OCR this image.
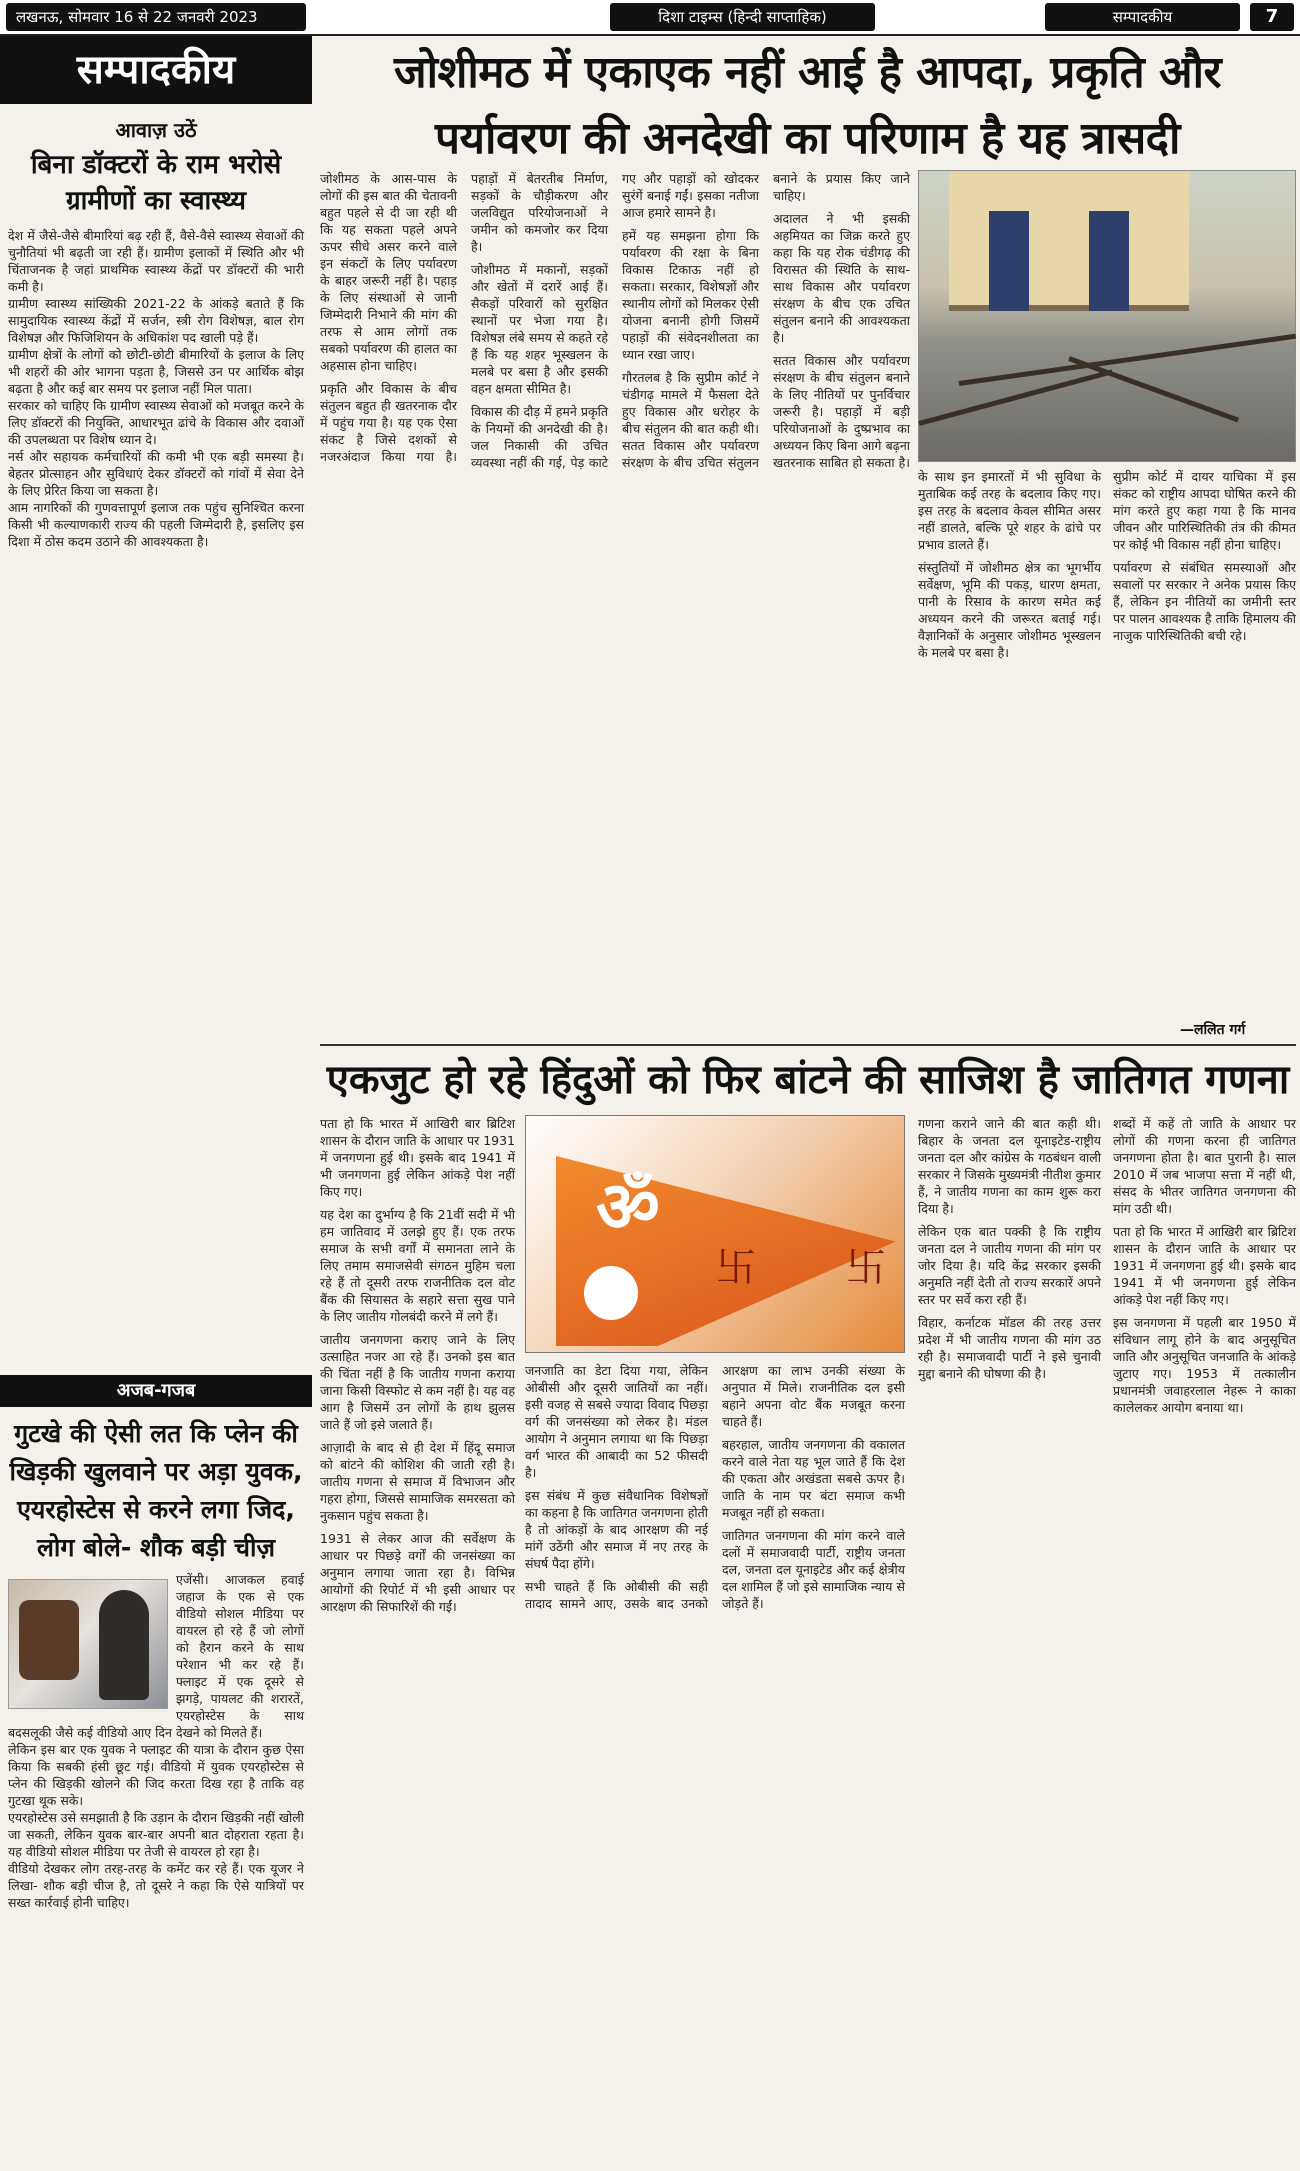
लखनऊ, सोमवार 16 से 22 जनवरी 2023	दिशा टाइम्स (हिन्दी साप्ताहिक)	सम्पादकीय	7
सम्पादकीय	जोशीमठ में एकाएक नहीं आई है आपदा, प्रकृति और पर्यावरण की अनदेखी का परिणाम है यह त्रासदी
आवाज़ उठें
बिना डॉक्टरों के राम भरोसे ग्रामीणों का स्वास्थ्य

देश में जैसे-जैसे बीमारियां बढ़ रही हैं, वैसे-वैसे स्वास्थ्य सेवाओं की चुनौतियां भी बढ़ती जा रही हैं। ग्रामीण इलाकों में स्थिति और भी चिंताजनक है जहां प्राथमिक स्वास्थ्य केंद्रों पर डॉक्टरों की भारी कमी है।

ग्रामीण स्वास्थ्य सांख्यिकी 2021-22 के आंकड़े बताते हैं कि सामुदायिक स्वास्थ्य केंद्रों में सर्जन, स्त्री रोग विशेषज्ञ, बाल रोग विशेषज्ञ और फिजिशियन के अधिकांश पद खाली पड़े हैं।

ग्रामीण क्षेत्रों के लोगों को छोटी-छोटी बीमारियों के इलाज के लिए भी शहरों की ओर भागना पड़ता है, जिससे उन पर आर्थिक बोझ बढ़ता है और कई बार समय पर इलाज नहीं मिल पाता।

सरकार को चाहिए कि ग्रामीण स्वास्थ्य सेवाओं को मजबूत करने के लिए डॉक्टरों की नियुक्ति, आधारभूत ढांचे के विकास और दवाओं की उपलब्धता पर विशेष ध्यान दे।

नर्स और सहायक कर्मचारियों की कमी भी एक बड़ी समस्या है। बेहतर प्रोत्साहन और सुविधाएं देकर डॉक्टरों को गांवों में सेवा देने के लिए प्रेरित किया जा सकता है।

आम नागरिकों की गुणवत्तापूर्ण इलाज तक पहुंच सुनिश्चित करना किसी भी कल्याणकारी राज्य की पहली जिम्मेदारी है, इसलिए इस दिशा में ठोस कदम उठाने की आवश्यकता है।

अजब-गजब
गुटखे की ऐसी लत कि प्लेन की खिड़की खुलवाने पर अड़ा युवक, एयरहोस्टेस से करने लगा जिद, लोग बोले- शौक बड़ी चीज़

एजेंसी। आजकल हवाई जहाज के एक से एक वीडियो सोशल मीडिया पर वायरल हो रहे हैं जो लोगों को हैरान करने के साथ परेशान भी कर रहे हैं। फ्लाइट में एक दूसरे से झगड़े, पायलट की शरारतें, एयरहोस्टेस के साथ बदसलूकी जैसे कई वीडियो आए दिन देखने को मिलते हैं।

लेकिन इस बार एक युवक ने फ्लाइट की यात्रा के दौरान कुछ ऐसा किया कि सबकी हंसी छूट गई। वीडियो में युवक एयरहोस्टेस से प्लेन की खिड़की खोलने की जिद करता दिख रहा है ताकि वह गुटखा थूक सके।

एयरहोस्टेस उसे समझाती है कि उड़ान के दौरान खिड़की नहीं खोली जा सकती, लेकिन युवक बार-बार अपनी बात दोहराता रहता है। यह वीडियो सोशल मीडिया पर तेजी से वायरल हो रहा है।

वीडियो देखकर लोग तरह-तरह के कमेंट कर रहे हैं। एक यूजर ने लिखा- शौक बड़ी चीज है, तो दूसरे ने कहा कि ऐसे यात्रियों पर सख्त कार्रवाई होनी चाहिए।

जोशीमठ के आस-पास के लोगों की इस बात की चेतावनी बहुत पहले से दी जा रही थी कि यह सकता पहले अपने ऊपर सीधे असर करने वाले इन संकटों के लिए पर्यावरण के बाहर जरूरी नहीं है। पहाड़ के लिए संस्थाओं से जानी जिम्मेदारी निभाने की मांग की तरफ से आम लोगों तक सबको पर्यावरण की हालत का अहसास होना चाहिए।

प्रकृति और विकास के बीच संतुलन बहुत ही खतरनाक दौर में पहुंच गया है। यह एक ऐसा संकट है जिसे दशकों से नजरअंदाज किया गया है। पहाड़ों में बेतरतीब निर्माण, सड़कों के चौड़ीकरण और जलविद्युत परियोजनाओं ने जमीन को कमजोर कर दिया है।

जोशीमठ में मकानों, सड़कों और खेतों में दरारें आई हैं। सैकड़ों परिवारों को सुरक्षित स्थानों पर भेजा गया है। विशेषज्ञ लंबे समय से कहते रहे हैं कि यह शहर भूस्खलन के मलबे पर बसा है और इसकी वहन क्षमता सीमित है।

विकास की दौड़ में हमने प्रकृति के नियमों की अनदेखी की है। जल निकासी की उचित व्यवस्था नहीं की गई, पेड़ काटे गए और पहाड़ों को खोदकर सुरंगें बनाई गईं। इसका नतीजा आज हमारे सामने है।

हमें यह समझना होगा कि पर्यावरण की रक्षा के बिना विकास टिकाऊ नहीं हो सकता। सरकार, विशेषज्ञों और स्थानीय लोगों को मिलकर ऐसी योजना बनानी होगी जिसमें पहाड़ों की संवेदनशीलता का ध्यान रखा जाए।

गौरतलब है कि सुप्रीम कोर्ट ने चंडीगढ़ मामले में फैसला देते हुए विकास और धरोहर के बीच संतुलन की बात कही थी। सतत विकास और पर्यावरण संरक्षण के बीच उचित संतुलन बनाने के प्रयास किए जाने चाहिए।

अदालत ने भी इसकी अहमियत का जिक्र करते हुए कहा कि यह रोक चंडीगढ़ की विरासत की स्थिति के साथ-साथ विकास और पर्यावरण संरक्षण के बीच एक उचित संतुलन बनाने की आवश्यकता है।

सतत विकास और पर्यावरण संरक्षण के बीच संतुलन बनाने के लिए नीतियों पर पुनर्विचार जरूरी है। पहाड़ों में बड़ी परियोजनाओं के दुष्प्रभाव का अध्ययन किए बिना आगे बढ़ना खतरनाक साबित हो सकता है।

के साथ इन इमारतों में भी सुविधा के मुताबिक कई तरह के बदलाव किए गए। इस तरह के बदलाव केवल सीमित असर नहीं डालते, बल्कि पूरे शहर के ढांचे पर प्रभाव डालते हैं।

संस्तुतियों में जोशीमठ क्षेत्र का भूगर्भीय सर्वेक्षण, भूमि की पकड़, धारण क्षमता, पानी के रिसाव के कारण समेत कई अध्ययन करने की जरूरत बताई गई। वैज्ञानिकों के अनुसार जोशीमठ भूस्खलन के मलबे पर बसा है।

सुप्रीम कोर्ट में दायर याचिका में इस संकट को राष्ट्रीय आपदा घोषित करने की मांग करते हुए कहा गया है कि मानव जीवन और पारिस्थितिकी तंत्र की कीमत पर कोई भी विकास नहीं होना चाहिए।

पर्यावरण से संबंधित समस्याओं और सवालों पर सरकार ने अनेक प्रयास किए हैं, लेकिन इन नीतियों का जमीनी स्तर पर पालन आवश्यक है ताकि हिमालय की नाजुक पारिस्थितिकी बची रहे।

—ललित गर्ग
एकजुट हो रहे हिंदुओं को फिर बांटने की साजिश है जातिगत गणना

पता हो कि भारत में आखिरी बार ब्रिटिश शासन के दौरान जाति के आधार पर 1931 में जनगणना हुई थी। इसके बाद 1941 में भी जनगणना हुई लेकिन आंकड़े पेश नहीं किए गए।

यह देश का दुर्भाग्य है कि 21वीं सदी में भी हम जातिवाद में उलझे हुए हैं। एक तरफ समाज के सभी वर्गों में समानता लाने के लिए तमाम समाजसेवी संगठन मुहिम चला रहे हैं तो दूसरी तरफ राजनीतिक दल वोट बैंक की सियासत के सहारे सत्ता सुख पाने के लिए जातीय गोलबंदी करने में लगे हैं।

जातीय जनगणना कराए जाने के लिए उत्साहित नजर आ रहे हैं। उनको इस बात की चिंता नहीं है कि जातीय गणना कराया जाना किसी विस्फोट से कम नहीं है। यह वह आग है जिसमें उन लोगों के हाथ झुलस जाते हैं जो इसे जलाते हैं।

आज़ादी के बाद से ही देश में हिंदू समाज को बांटने की कोशिश की जाती रही है। जातीय गणना से समाज में विभाजन और गहरा होगा, जिससे सामाजिक समरसता को नुकसान पहुंच सकता है।

1931 से लेकर आज की सर्वेक्षण के आधार पर पिछड़े वर्गों की जनसंख्या का अनुमान लगाया जाता रहा है। विभिन्न आयोगों की रिपोर्ट में भी इसी आधार पर आरक्षण की सिफारिशें की गईं।

ॐ
卐 卐

जनजाति का डेटा दिया गया, लेकिन ओबीसी और दूसरी जातियों का नहीं। इसी वजह से सबसे ज्यादा विवाद पिछड़ा वर्ग की जनसंख्या को लेकर है। मंडल आयोग ने अनुमान लगाया था कि पिछड़ा वर्ग भारत की आबादी का 52 फीसदी है।

इस संबंध में कुछ संवैधानिक विशेषज्ञों का कहना है कि जातिगत जनगणना होती है तो आंकड़ों के बाद आरक्षण की नई मांगें उठेंगी और समाज में नए तरह के संघर्ष पैदा होंगे।

सभी चाहते हैं कि ओबीसी की सही तादाद सामने आए, उसके बाद उनको आरक्षण का लाभ उनकी संख्या के अनुपात में मिले। राजनीतिक दल इसी बहाने अपना वोट बैंक मजबूत करना चाहते हैं।

बहरहाल, जातीय जनगणना की वकालत करने वाले नेता यह भूल जाते हैं कि देश की एकता और अखंडता सबसे ऊपर है। जाति के नाम पर बंटा समाज कभी मजबूत नहीं हो सकता।

जातिगत जनगणना की मांग करने वाले दलों में समाजवादी पार्टी, राष्ट्रीय जनता दल, जनता दल यूनाइटेड और कई क्षेत्रीय दल शामिल हैं जो इसे सामाजिक न्याय से जोड़ते हैं।

गणना कराने जाने की बात कही थी। बिहार के जनता दल यूनाइटेड-राष्ट्रीय जनता दल और कांग्रेस के गठबंधन वाली सरकार ने जिसके मुख्यमंत्री नीतीश कुमार हैं, ने जातीय गणना का काम शुरू करा दिया है।

लेकिन एक बात पक्की है कि राष्ट्रीय जनता दल ने जातीय गणना की मांग पर जोर दिया है। यदि केंद्र सरकार इसकी अनुमति नहीं देती तो राज्य सरकारें अपने स्तर पर सर्वे करा रही हैं।

विहार, कर्नाटक मॉडल की तरह उत्तर प्रदेश में भी जातीय गणना की मांग उठ रही है। समाजवादी पार्टी ने इसे चुनावी मुद्दा बनाने की घोषणा की है।

शब्दों में कहें तो जाति के आधार पर लोगों की गणना करना ही जातिगत जनगणना होता है। बात पुरानी है। साल 2010 में जब भाजपा सत्ता में नहीं थी, संसद के भीतर जातिगत जनगणना की मांग उठी थी।

पता हो कि भारत में आखिरी बार ब्रिटिश शासन के दौरान जाति के आधार पर 1931 में जनगणना हुई थी। इसके बाद 1941 में भी जनगणना हुई लेकिन आंकड़े पेश नहीं किए गए।

इस जनगणना में पहली बार 1950 में संविधान लागू होने के बाद अनुसूचित जाति और अनुसूचित जनजाति के आंकड़े जुटाए गए। 1953 में तत्कालीन प्रधानमंत्री जवाहरलाल नेहरू ने काका कालेलकर आयोग बनाया था।
